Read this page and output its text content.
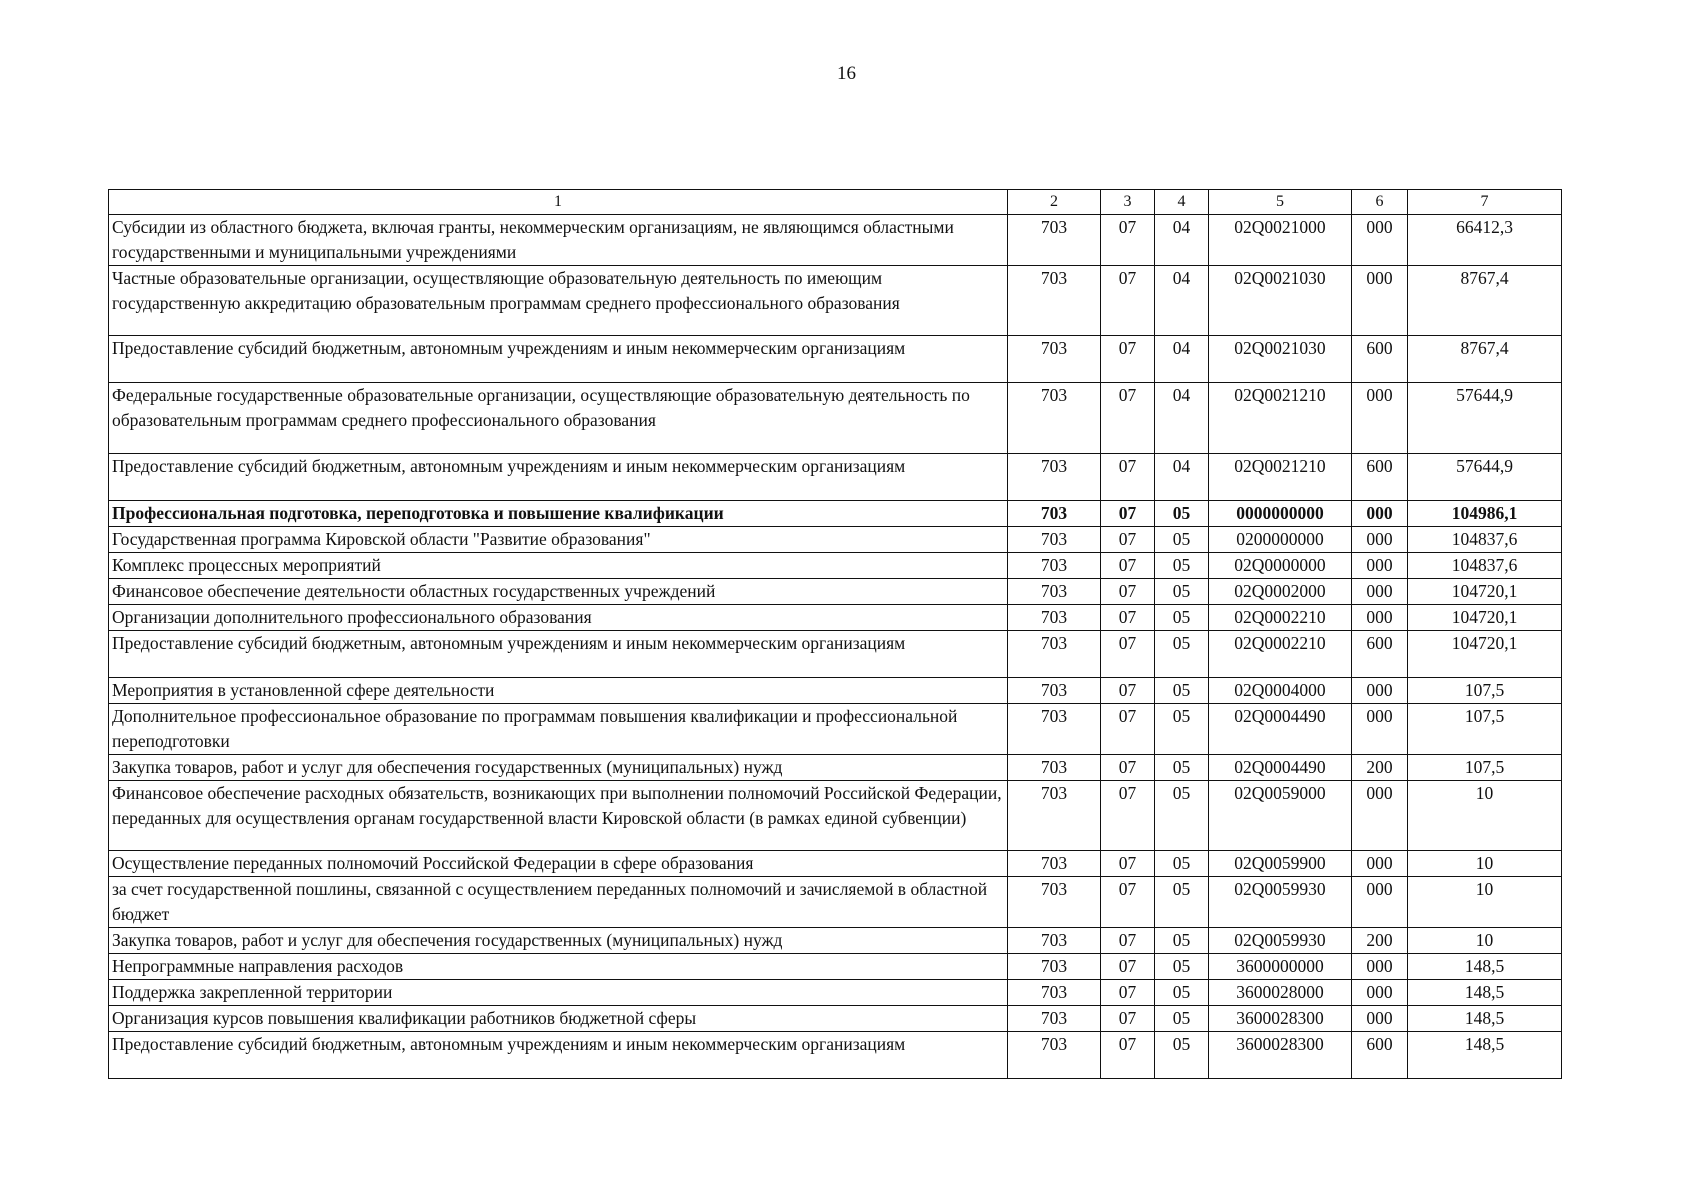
16
1	2	3	4	5	6	7
Субсидии из областного бюджета, включая гранты, некоммерческим организациям, не являющимся областными государственными и муниципальными учреждениями	703	07	04	02Q0021000	000	66412,3
Частные образовательные организации, осуществляющие образовательную деятельность по имеющим государственную аккредитацию образовательным программам среднего профессионального образования	703	07	04	02Q0021030	000	8767,4
Предоставление субсидий бюджетным, автономным учреждениям и иным некоммерческим организациям	703	07	04	02Q0021030	600	8767,4
Федеральные государственные образовательные организации, осуществляющие образовательную деятельность по образовательным программам среднего профессионального образования	703	07	04	02Q0021210	000	57644,9
Предоставление субсидий бюджетным, автономным учреждениям и иным некоммерческим организациям	703	07	04	02Q0021210	600	57644,9
Профессиональная подготовка, переподготовка и повышение квалификации	703	07	05	0000000000	000	104986,1
Государственная программа Кировской области "Развитие образования"	703	07	05	0200000000	000	104837,6
Комплекс процессных мероприятий	703	07	05	02Q0000000	000	104837,6
Финансовое обеспечение деятельности областных государственных учреждений	703	07	05	02Q0002000	000	104720,1
Организации дополнительного профессионального образования	703	07	05	02Q0002210	000	104720,1
Предоставление субсидий бюджетным, автономным учреждениям и иным некоммерческим организациям	703	07	05	02Q0002210	600	104720,1
Мероприятия в установленной сфере деятельности	703	07	05	02Q0004000	000	107,5
Дополнительное профессиональное образование по программам повышения квалификации и профессиональной переподготовки	703	07	05	02Q0004490	000	107,5
Закупка товаров, работ и услуг для обеспечения государственных (муниципальных) нужд	703	07	05	02Q0004490	200	107,5
Финансовое обеспечение расходных обязательств, возникающих при выполнении полномочий Российской Федерации, переданных для осуществления органам государственной власти Кировской области (в рамках единой субвенции)	703	07	05	02Q0059000	000	10
Осуществление переданных полномочий Российской Федерации в сфере образования	703	07	05	02Q0059900	000	10
за счет государственной пошлины, связанной с осуществлением переданных полномочий и зачисляемой в областной бюджет	703	07	05	02Q0059930	000	10
Закупка товаров, работ и услуг для обеспечения государственных (муниципальных) нужд	703	07	05	02Q0059930	200	10
Непрограммные направления расходов	703	07	05	3600000000	000	148,5
Поддержка закрепленной территории	703	07	05	3600028000	000	148,5
Организация курсов повышения квалификации работников бюджетной сферы	703	07	05	3600028300	000	148,5
Предоставление субсидий бюджетным, автономным учреждениям и иным некоммерческим организациям	703	07	05	3600028300	600	148,5
